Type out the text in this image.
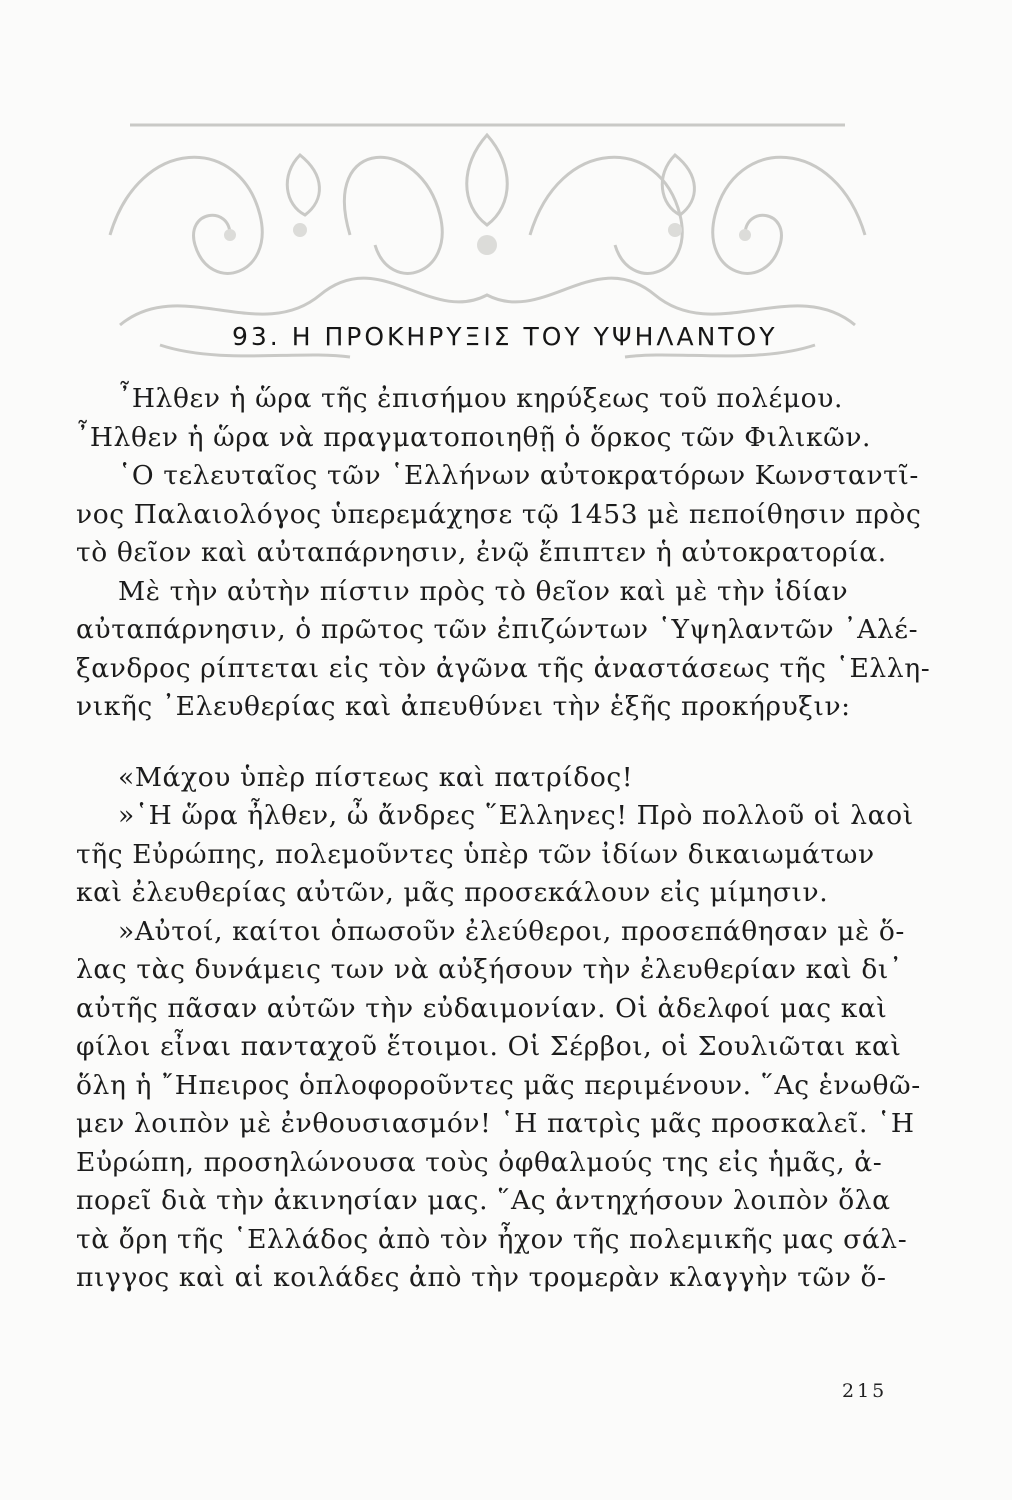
93. Η ΠΡΟΚΗΡΥΞΙΣ ΤΟΥ ΥΨΗΛΑΝΤΟΥ
῏Ηλθεν ἡ ὥρα τῆς ἐπισήμου κηρύξεως τοῦ πολέμου.
῏Ηλθεν ἡ ὥρα νὰ πραγματοποιηθῇ ὁ ὅρκος τῶν Φιλικῶν.
῾Ο τελευταῖος τῶν ῾Ελλήνων αὐτοκρατόρων Κωνσταντῖ-
νος Παλαιολόγος ὑπερεμάχησε τῷ 1453 μὲ πεποίθησιν πρὸς
τὸ θεῖον καὶ αὐταπάρνησιν, ἐνῷ ἔπιπτεν ἡ αὐτοκρατορία.
Μὲ τὴν αὐτὴν πίστιν πρὸς τὸ θεῖον καὶ μὲ τὴν ἰδίαν
αὐταπάρνησιν, ὁ πρῶτος τῶν ἐπιζώντων ῾Υψηλαντῶν ᾿Αλέ-
ξανδρος ρίπτεται εἰς τὸν ἀγῶνα τῆς ἀναστάσεως τῆς ῾Ελλη-
νικῆς ᾿Ελευθερίας καὶ ἀπευθύνει τὴν ἑξῆς προκήρυξιν:
«Μάχου ὑπὲρ πίστεως καὶ πατρίδος!
»῾Η ὥρα ἦλθεν, ὦ ἄνδρες ῞Ελληνες! Πρὸ πολλοῦ οἱ λαοὶ
τῆς Εὐρώπης, πολεμοῦντες ὑπὲρ τῶν ἰδίων δικαιωμάτων
καὶ ἐλευθερίας αὐτῶν, μᾶς προσεκάλουν εἰς μίμησιν.
»Αὐτοί, καίτοι ὁπωσοῦν ἐλεύθεροι, προσεπάθησαν μὲ ὅ-
λας τὰς δυνάμεις των νὰ αὐξήσουν τὴν ἐλευθερίαν καὶ δι᾿
αὐτῆς πᾶσαν αὐτῶν τὴν εὐδαιμονίαν. Οἱ ἀδελφοί μας καὶ
φίλοι εἶναι πανταχοῦ ἕτοιμοι. Οἱ Σέρβοι, οἱ Σουλιῶται καὶ
ὅλη ἡ ῎Ηπειρος ὁπλοφοροῦντες μᾶς περιμένουν. ῞Ας ἑνωθῶ-
μεν λοιπὸν μὲ ἐνθουσιασμόν! ῾Η πατρὶς μᾶς προσκαλεῖ. ῾Η
Εὐρώπη, προσηλώνουσα τοὺς ὀφθαλμούς της εἰς ἡμᾶς, ἀ-
πορεῖ διὰ τὴν ἀκινησίαν μας. ῞Ας ἀντηχήσουν λοιπὸν ὅλα
τὰ ὄρη τῆς ῾Ελλάδος ἀπὸ τὸν ἦχον τῆς πολεμικῆς μας σάλ-
πιγγος καὶ αἱ κοιλάδες ἀπὸ τὴν τρομερὰν κλαγγὴν τῶν ὅ-
215
